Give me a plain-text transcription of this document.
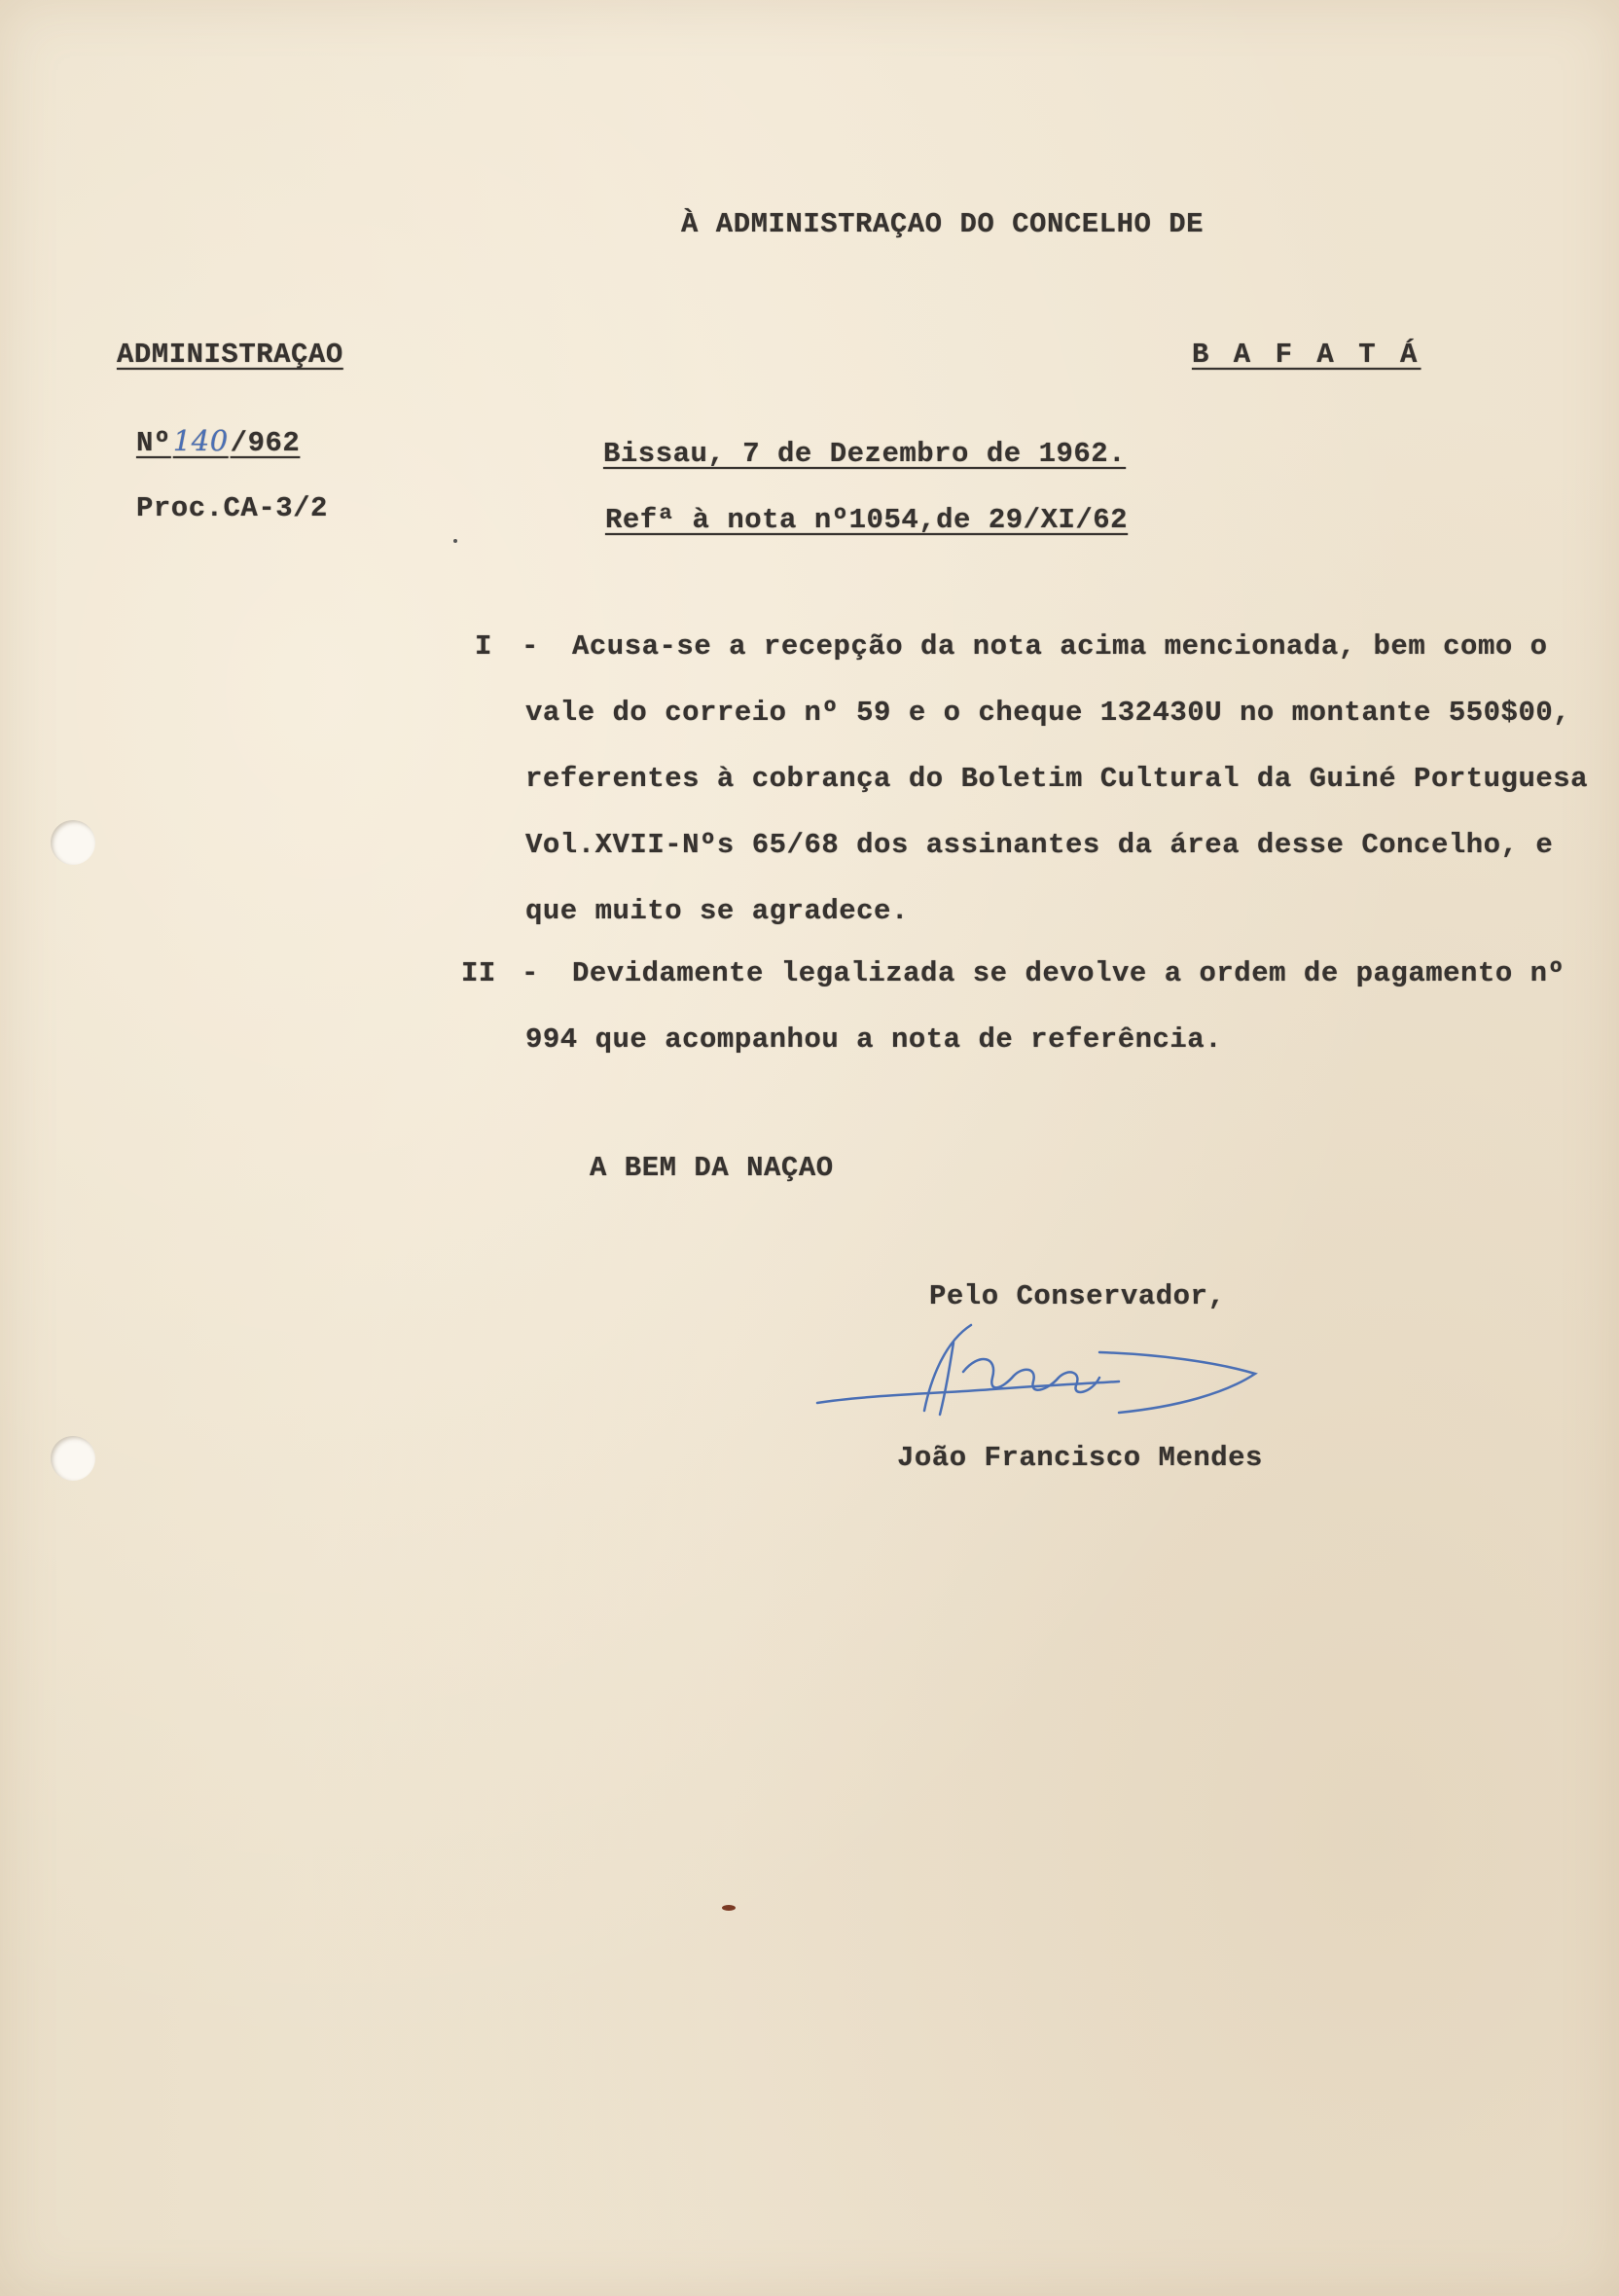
À ADMINISTRAÇAO DO CONCELHO DE

ADMINISTRAÇAO	B A F A T Á

Nº140/962

Proc.CA-3/2

Bissau, 7 de Dezembro de 1962.

Refª à nota nº1054,de 29/XI/62

I - Acusa-se a recepção da nota acima mencionada, bem como o

vale do correio nº 59 e o cheque 132430U no montante 550$00,

referentes à cobrança do Boletim Cultural da Guiné Portuguesa

Vol.XVII-Nºs 65/68 dos assinantes da área desse Concelho, e

que muito se agradece.

II - Devidamente legalizada se devolve a ordem de pagamento nº

994 que acompanhou a nota de referência.

A BEM DA NAÇAO

Pelo Conservador,

João Francisco Mendes
